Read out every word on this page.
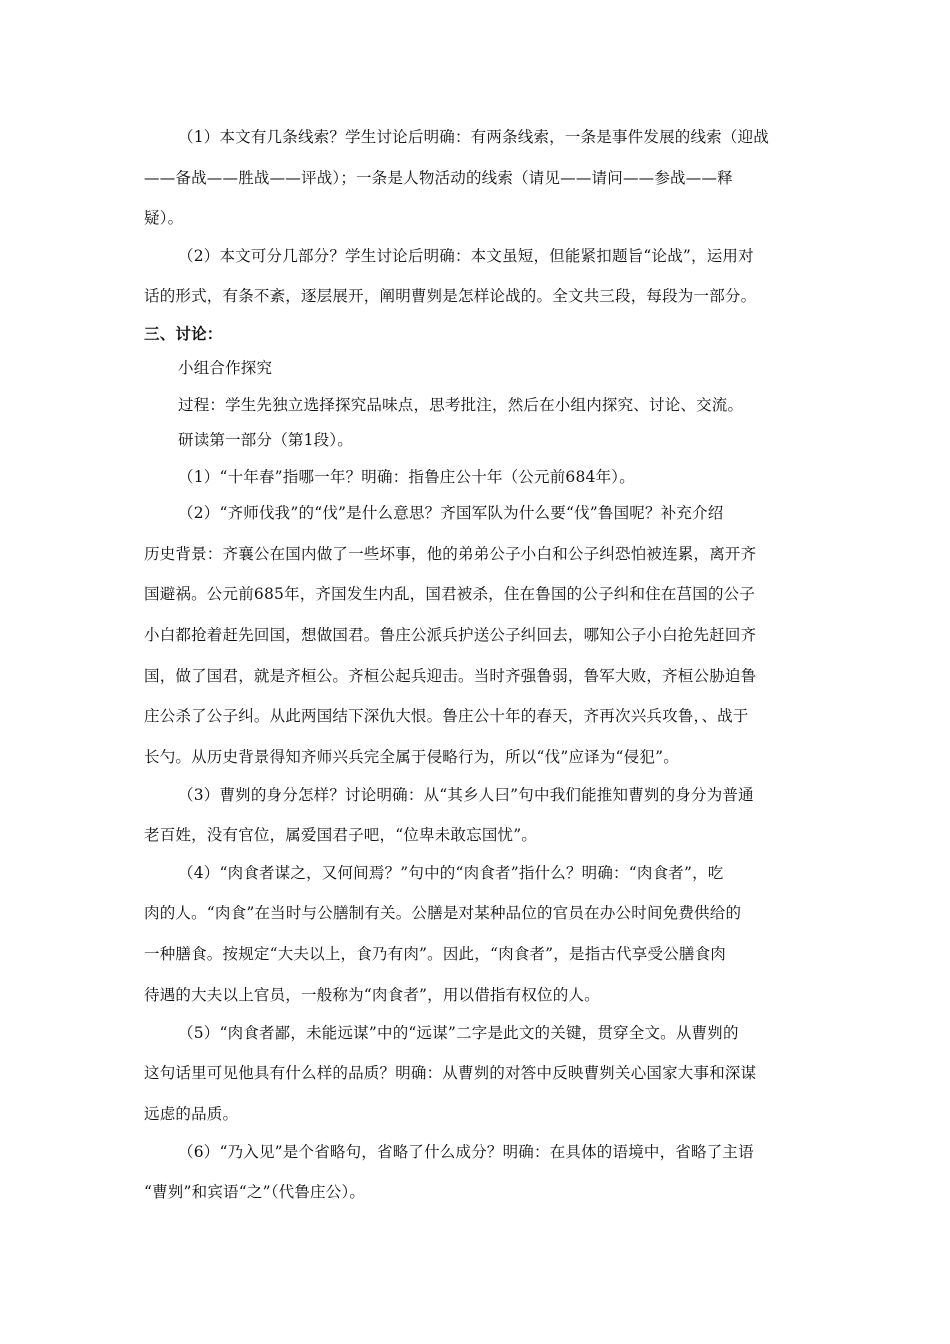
（1）本文有几条线索？学生讨论后明确：有两条线索，一条是事件发展的线索（迎战
——备战——胜战——评战）；一条是人物活动的线索（请见——请问——参战——释
疑）。
（2）本文可分几部分？学生讨论后明确：本文虽短，但能紧扣题旨“论战”，运用对
话的形式，有条不紊，逐层展开，阐明曹刿是怎样论战的。全文共三段，每段为一部分。
三、讨论：
小组合作探究
过程：学生先独立选择探究品味点，思考批注，然后在小组内探究、讨论、交流。
研读第一部分（第1段）。
（1）“十年春”指哪一年？明确：指鲁庄公十年（公元前684年）。
（2）“齐师伐我”的“伐”是什么意思？齐国军队为什么要“伐”鲁国呢？补充介绍
历史背景：齐襄公在国内做了一些坏事，他的弟弟公子小白和公子纠恐怕被连累，离开齐
国避祸。公元前685年，齐国发生内乱，国君被杀，住在鲁国的公子纠和住在莒国的公子
小白都抢着赶先回国，想做国君。鲁庄公派兵护送公子纠回去，哪知公子小白抢先赶回齐
国，做了国君，就是齐桓公。齐桓公起兵迎击。当时齐强鲁弱，鲁军大败，齐桓公胁迫鲁
庄公杀了公子纠。从此两国结下深仇大恨。鲁庄公十年的春天，齐再次兴兵攻鲁，、战于
长勺。从历史背景得知齐师兴兵完全属于侵略行为，所以“伐”应译为“侵犯”。
（3）曹刿的身分怎样？讨论明确：从“其乡人曰”句中我们能推知曹刿的身分为普通
老百姓，没有官位，属爱国君子吧，“位卑未敢忘国忧”。
（4）“肉食者谋之，又何间焉？”句中的“肉食者”指什么？明确：“肉食者”，吃
肉的人。“肉食”在当时与公膳制有关。公膳是对某种品位的官员在办公时间免费供给的
一种膳食。按规定“大夫以上，食乃有肉”。因此，“肉食者”，是指古代享受公膳食肉
待遇的大夫以上官员，一般称为“肉食者”，用以借指有权位的人。
（5）“肉食者鄙，未能远谋”中的“远谋”二字是此文的关键，贯穿全文。从曹刿的
这句话里可见他具有什么样的品质？明确：从曹刿的对答中反映曹刿关心国家大事和深谋
远虑的品质。
（6）“乃入见”是个省略句，省略了什么成分？明确：在具体的语境中，省略了主语
“曹刿”和宾语“之”（代鲁庄公）。
